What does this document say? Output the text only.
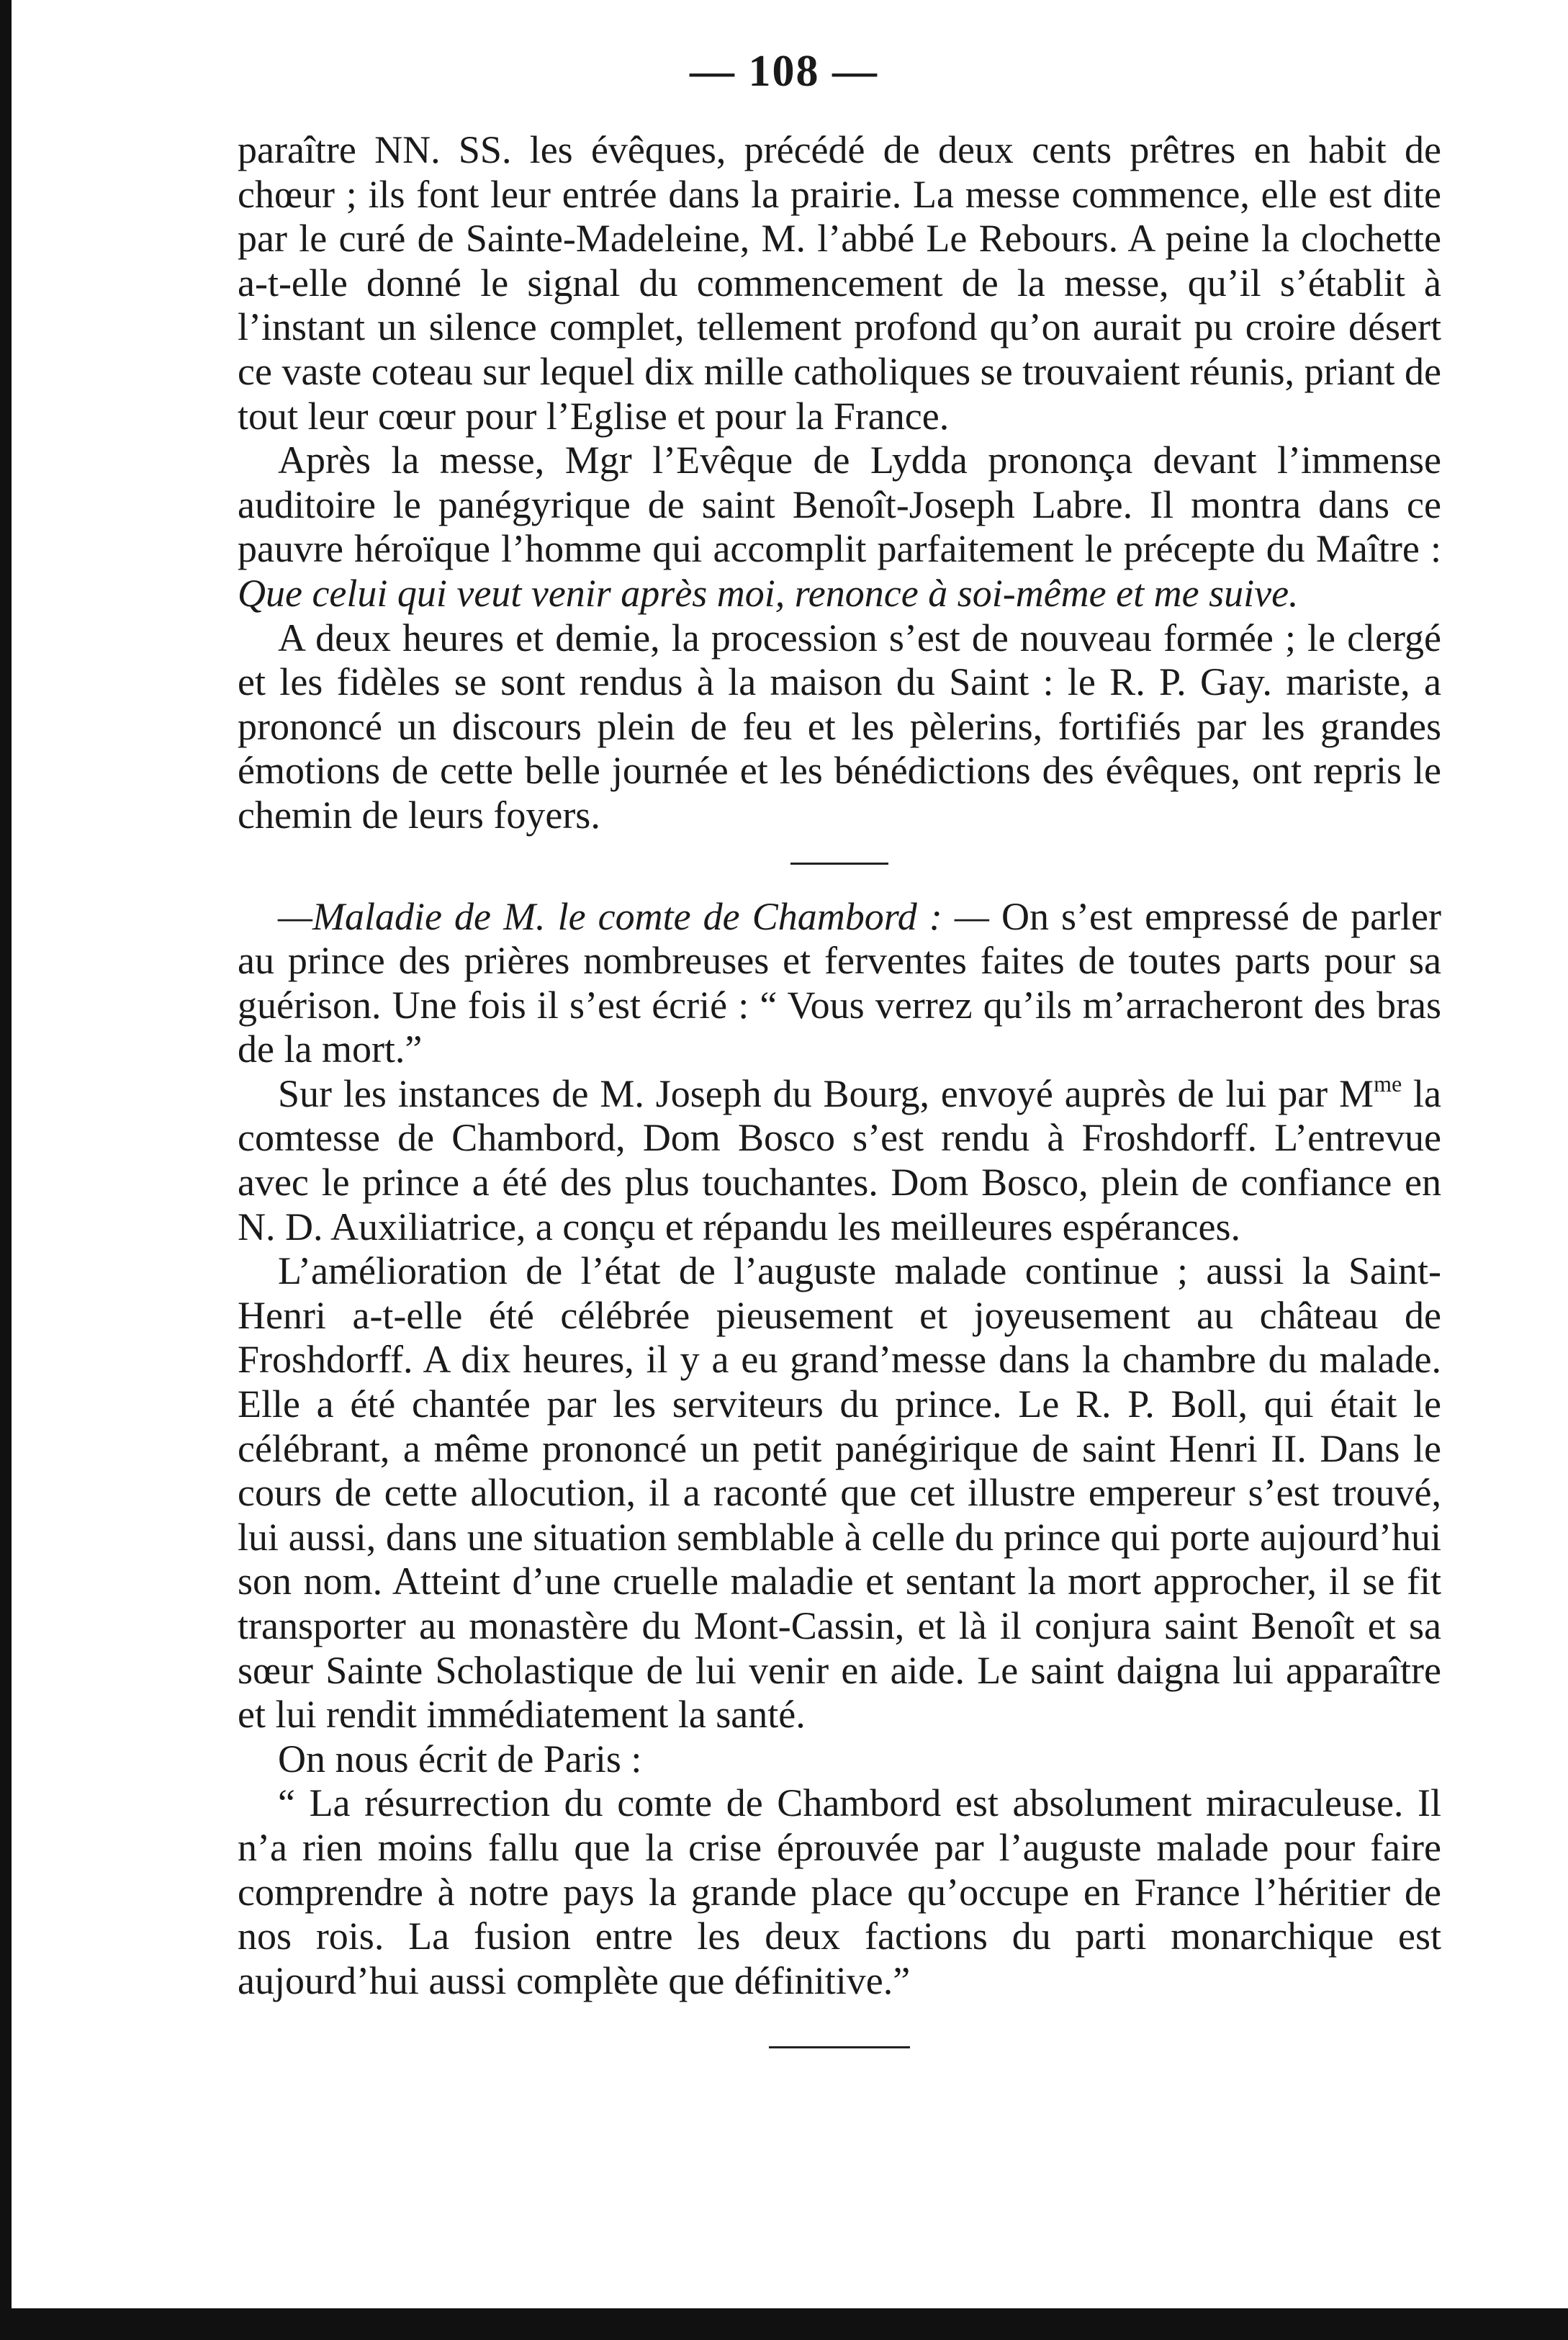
— 108 —

paraître NN. SS. les évêques, précédé de deux cents prêtres en habit de chœur ; ils font leur entrée dans la prairie. La messe commence, elle est dite par le curé de Sainte-Madeleine, M. l’abbé Le Rebours. A peine la clochette a-t-elle donné le signal du commencement de la messe, qu’il s’établit à l’instant un silence complet, tellement profond qu’on aurait pu croire désert ce vaste coteau sur lequel dix mille catholiques se trouvaient réunis, priant de tout leur cœur pour l’Eglise et pour la France.

Après la messe, Mgr l’Evêque de Lydda prononça devant l’immense auditoire le panégyrique de saint Benoît-Joseph Labre. Il montra dans ce pauvre héroïque l’homme qui accomplit parfaitement le précepte du Maître : Que celui qui veut venir après moi, renonce à soi-même et me suive.

A deux heures et demie, la procession s’est de nouveau formée ; le clergé et les fidèles se sont rendus à la maison du Saint : le R. P. Gay. mariste, a prononcé un discours plein de feu et les pèlerins, fortifiés par les grandes émotions de cette belle journée et les bénédictions des évêques, ont repris le chemin de leurs foyers.

—Maladie de M. le comte de Chambord : — On s’est empressé de parler au prince des prières nombreuses et ferventes faites de toutes parts pour sa guérison. Une fois il s’est écrié : “ Vous verrez qu’ils m’arracheront des bras de la mort.”

Sur les instances de M. Joseph du Bourg, envoyé auprès de lui par $M^{me}$ la comtesse de Chambord, Dom Bosco s’est rendu à Froshdorff. L’entrevue avec le prince a été des plus touchantes. Dom Bosco, plein de confiance en N. D. Auxiliatrice, a conçu et répandu les meilleures espérances.

L’amélioration de l’état de l’auguste malade continue ; aussi la Saint-Henri a-t-elle été célébrée pieusement et joyeusement au château de Froshdorff. A dix heures, il y a eu grand’messe dans la chambre du malade. Elle a été chantée par les serviteurs du prince. Le R. P. Boll, qui était le célébrant, a même prononcé un petit panégirique de saint Henri II. Dans le cours de cette allocution, il a raconté que cet illustre empereur s’est trouvé, lui aussi, dans une situation semblable à celle du prince qui porte aujourd’hui son nom. Atteint d’une cruelle maladie et sentant la mort approcher, il se fit transporter au monastère du Mont-Cassin, et là il conjura saint Benoît et sa sœur Sainte Scholastique de lui venir en aide. Le saint daigna lui apparaître et lui rendit immédiatement la santé.

On nous écrit de Paris :

“ La résurrection du comte de Chambord est absolument miraculeuse. Il n’a rien moins fallu que la crise éprouvée par l’auguste malade pour faire comprendre à notre pays la grande place qu’occupe en France l’héritier de nos rois. La fusion entre les deux factions du parti monarchique est aujourd’hui aussi complète que définitive.”
